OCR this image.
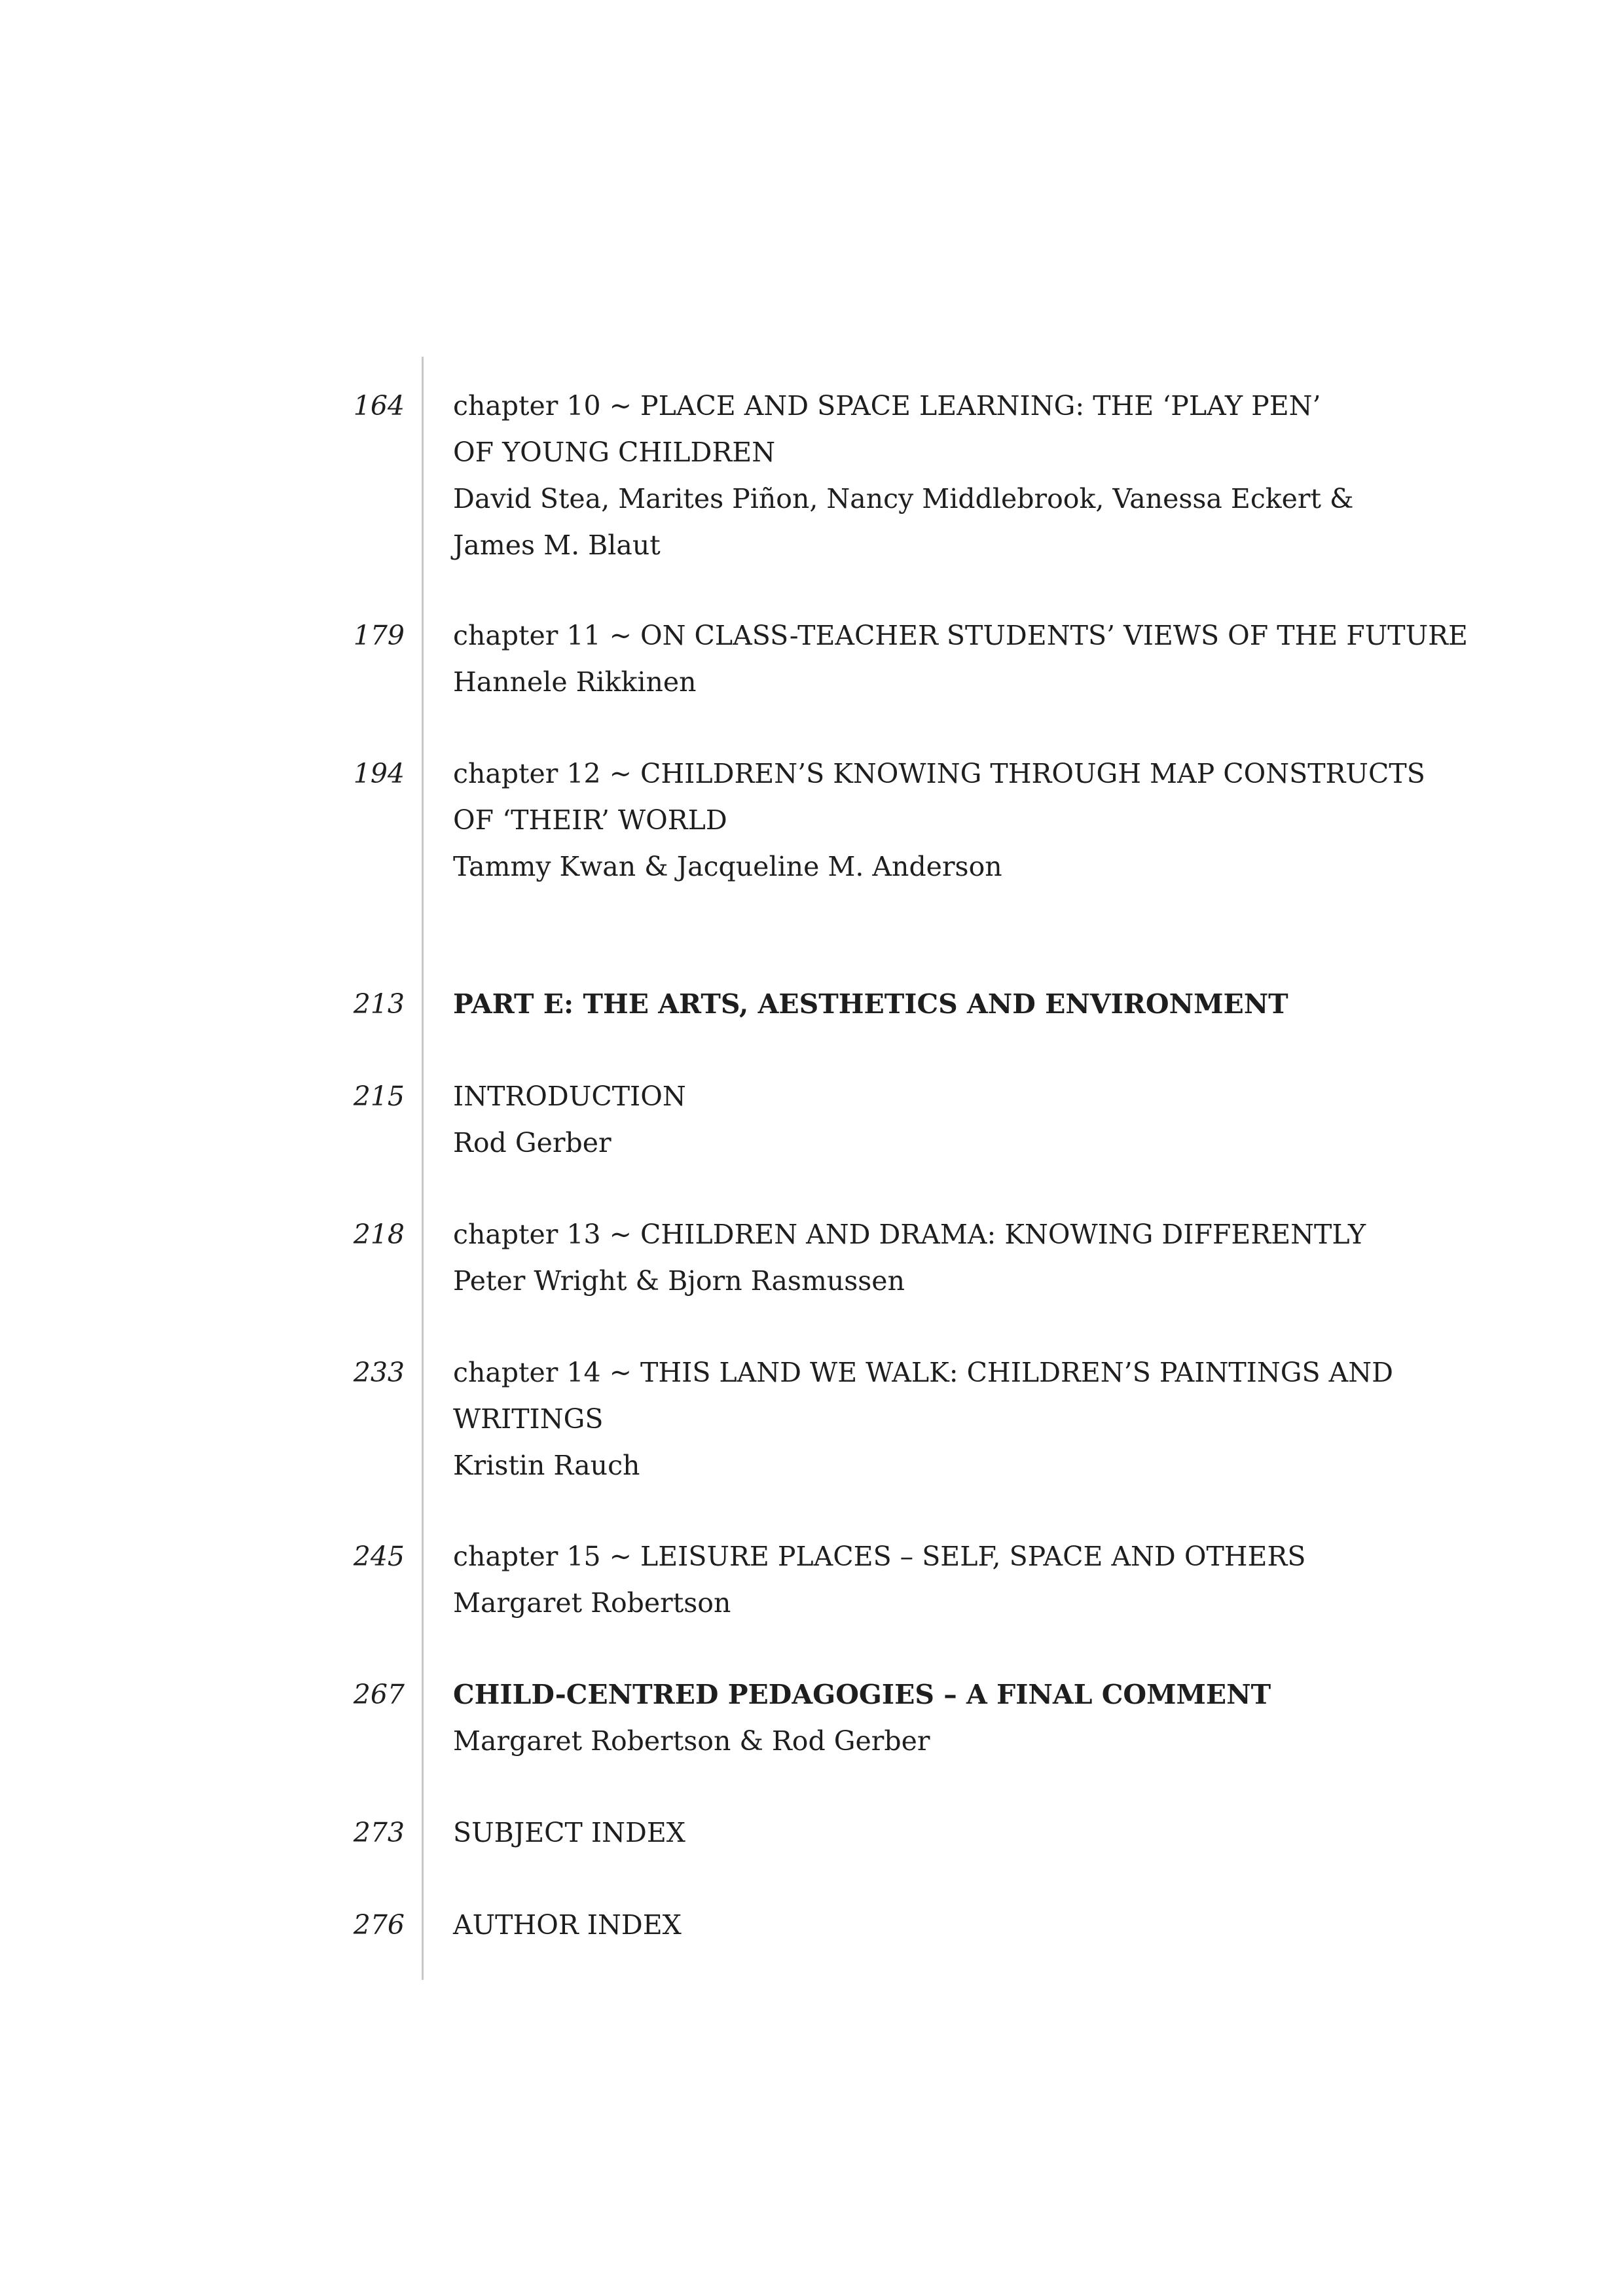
164 chapter 10 ~ PLACE AND SPACE LEARNING: THE ‘PLAY PEN’
OF YOUNG CHILDREN
David Stea, Marites Piñon, Nancy Middlebrook, Vanessa Eckert &
James M. Blaut
179 chapter 11 ~ ON CLASS-TEACHER STUDENTS’ VIEWS OF THE FUTURE
Hannele Rikkinen
194 chapter 12 ~ CHILDREN’S KNOWING THROUGH MAP CONSTRUCTS
OF ‘THEIR’ WORLD
Tammy Kwan & Jacqueline M. Anderson
213 PART E: THE ARTS, AESTHETICS AND ENVIRONMENT
215 INTRODUCTION
Rod Gerber
218 chapter 13 ~ CHILDREN AND DRAMA: KNOWING DIFFERENTLY
Peter Wright & Bjorn Rasmussen
233 chapter 14 ~ THIS LAND WE WALK: CHILDREN’S PAINTINGS AND
WRITINGS
Kristin Rauch
245 chapter 15 ~ LEISURE PLACES – SELF, SPACE AND OTHERS
Margaret Robertson
267 CHILD-CENTRED PEDAGOGIES – A FINAL COMMENT
Margaret Robertson & Rod Gerber
273 SUBJECT INDEX
276 AUTHOR INDEX
